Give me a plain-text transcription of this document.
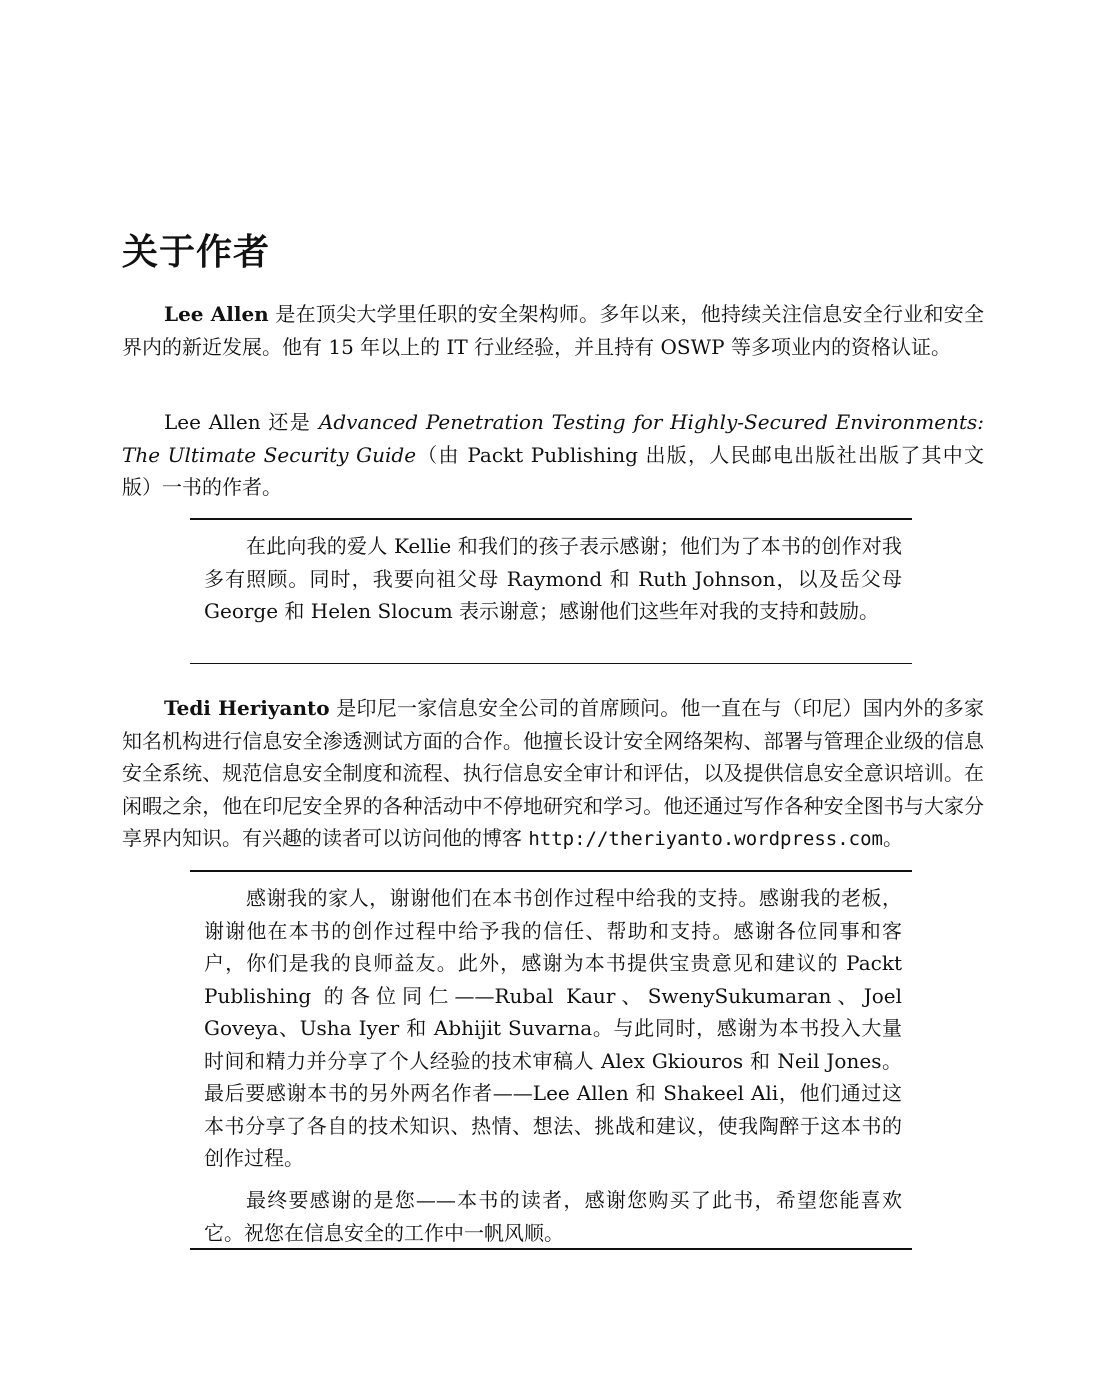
关于作者

Lee Allen 是在顶尖大学里任职的安全架构师。多年以来，他持续关注信息安全行业和安全界内的新近发展。他有 15 年以上的 IT 行业经验，并且持有 OSWP 等多项业内的资格认证。

Lee Allen 还是 Advanced Penetration Testing for Highly-Secured Environments: The Ultimate Security Guide（由 Packt Publishing 出版，人民邮电出版社出版了其中文版）一书的作者。

在此向我的爱人 Kellie 和我们的孩子表示感谢；他们为了本书的创作对我多有照顾。同时，我要向祖父母 Raymond 和 Ruth Johnson，以及岳父母 George 和 Helen Slocum 表示谢意；感谢他们这些年对我的支持和鼓励。

Tedi Heriyanto 是印尼一家信息安全公司的首席顾问。他一直在与（印尼）国内外的多家知名机构进行信息安全渗透测试方面的合作。他擅长设计安全网络架构、部署与管理企业级的信息安全系统、规范信息安全制度和流程、执行信息安全审计和评估，以及提供信息安全意识培训。在闲暇之余，他在印尼安全界的各种活动中不停地研究和学习。他还通过写作各种安全图书与大家分享界内知识。有兴趣的读者可以访问他的博客 http://theriyanto.wordpress.com。

感谢我的家人，谢谢他们在本书创作过程中给我的支持。感谢我的老板，谢谢他在本书的创作过程中给予我的信任、帮助和支持。感谢各位同事和客户，你们是我的良师益友。此外，感谢为本书提供宝贵意见和建议的 Packt Publishing 的各位同仁——Rubal Kaur、SwenySukumaran、Joel Goveya、Usha Iyer 和 Abhijit Suvarna。与此同时，感谢为本书投入大量时间和精力并分享了个人经验的技术审稿人 Alex Gkiouros 和 Neil Jones。最后要感谢本书的另外两名作者——Lee Allen 和 Shakeel Ali，他们通过这本书分享了各自的技术知识、热情、想法、挑战和建议，使我陶醉于这本书的创作过程。

最终要感谢的是您——本书的读者，感谢您购买了此书，希望您能喜欢它。祝您在信息安全的工作中一帆风顺。
